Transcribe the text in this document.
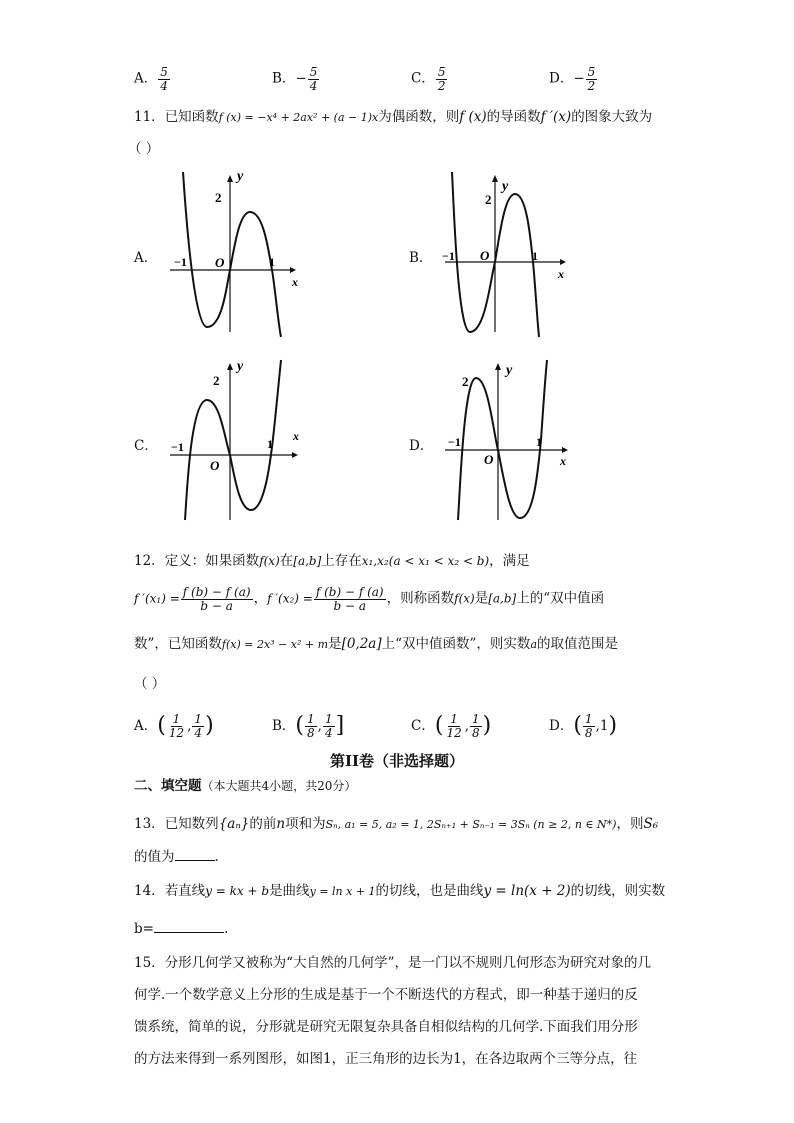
A． $\frac{5}{4}$	B．− $\frac{5}{4}$	C． $\frac{5}{2}$	D．− $\frac{5}{2}$
11．已知函数f (x) = −x⁴ + 2ax² + (a − 1)x为偶函数，则f (x)的导函数f ′(x)的图象大致为
（ ）
A．	B．
C．	D．
y
x
O
2
−1	1
y
x
O
2
−1	1
y
x
O
2
−1	1
y
x
O
2
−1	1
12．定义：如果函数f(x)在[a,b]上存在x₁,x₂(a < x₁ < x₂ < b)，满足
f $'(x_1) = \frac{f (b) - f (a)}{b - a}$ ，f $'(x_2) = \frac{f (b) - f (a)}{b - a}$ ，则称函数f(x)是[a,b]上的“双中值函
数”，已知函数f(x) = 2x³ − x² + m是[0,2a]上“双中值函数”，则实数a的取值范围是
（ ）
A．( $\frac{1}{12}$ , $\frac{1}{4}$ )	B．( $\frac{1}{8}$ , $\frac{1}{4}$ ]	C．( $\frac{1}{12}$ , $\frac{1}{8}$ )	D．( $\frac{1}{8} ,1$)
第II卷（非选择题）
二、填空题（本大题共4小题，共20分）
13．已知数列{aₙ}的前n项和为Sₙ, a₁ = 5, a₂ = 1, 2Sₙ₊₁ + Sₙ₋₁ = 3Sₙ (n ≥ 2, n ∈ N*)，则S₆
的值为	.
14．若直线y = kx + b是曲线y = ln x + 1的切线，也是曲线y = ln(x + 2)的切线，则实数
b=	.
15．分形几何学又被称为“大自然的几何学”，是一门以不规则几何形态为研究对象的几
何学.一个数学意义上分形的生成是基于一个不断迭代的方程式，即一种基于递归的反
馈系统，简单的说，分形就是研究无限复杂具备自相似结构的几何学.下面我们用分形
的方法来得到一系列图形，如图1，正三角形的边长为1，在各边取两个三等分点，往
